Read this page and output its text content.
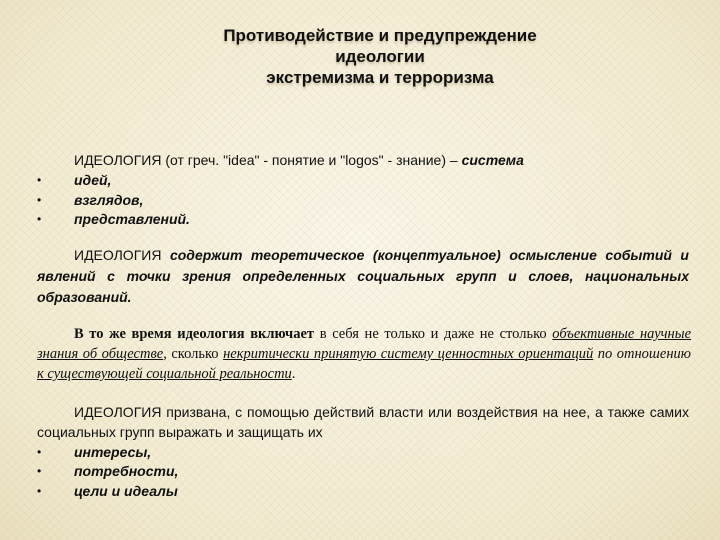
Противодействие и предупреждение
идеологии
экстремизма и терроризма
ИДЕОЛОГИЯ (от греч. "idea" - понятие и "logos" - знание) – система
• идей,
• взглядов,
• представлений.
ИДЕОЛОГИЯ содержит теоретическое (концептуальное) осмысление событий и явлений с точки зрения определенных социальных групп и слоев, национальных образований.
В то же время идеология включает в себя не только и даже не столько объективные научные знания об обществе, сколько некритически принятую систему ценностных ориентаций по отношению к существующей социальной реальности.
ИДЕОЛОГИЯ призвана, с помощью действий власти или воздействия на нее, а также самих социальных групп выражать и защищать их
• интересы,
• потребности,
• цели и идеалы
